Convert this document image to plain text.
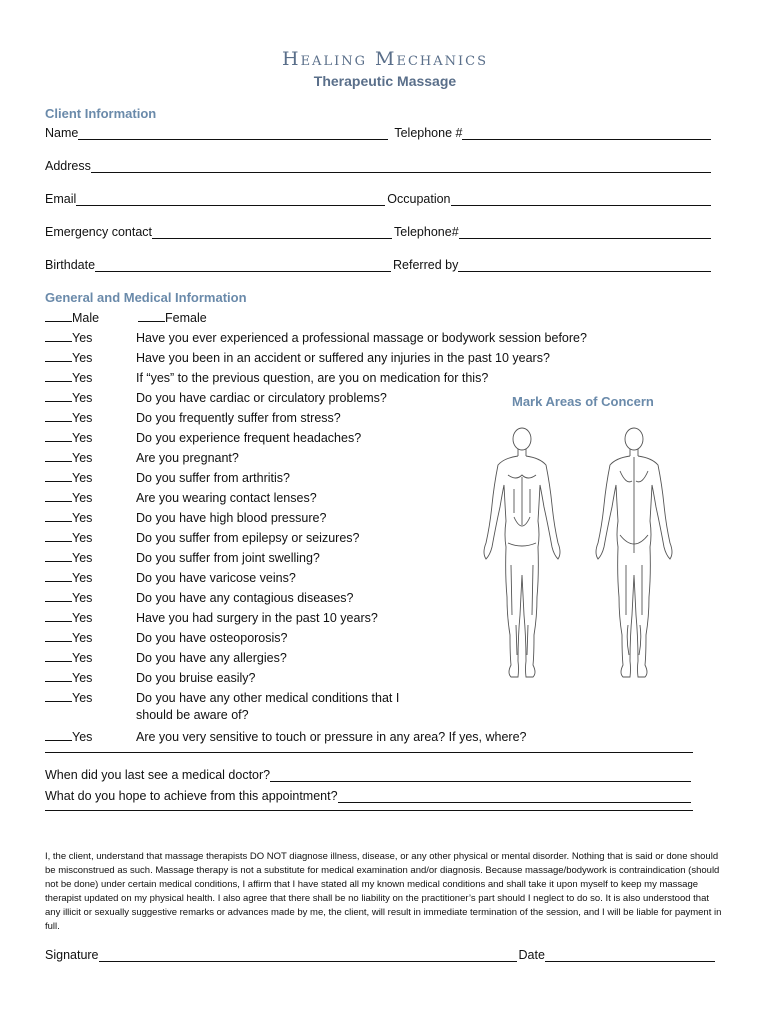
Healing Mechanics
Therapeutic Massage
Client Information
Name	Telephone #
Address
Email	Occupation
Emergency contact	Telephone#
Birthdate	Referred by
General and Medical Information
Male	Female
Yes	Have you ever experienced a professional massage or bodywork session before?
Yes	Have you been in an accident or suffered any injuries in the past 10 years?
Yes	If “yes” to the previous question, are you on medication for this?
Yes	Do you have cardiac or circulatory problems?
Yes	Do you frequently suffer from stress?
Yes	Do you experience frequent headaches?
Yes	Are you pregnant?
Yes	Do you suffer from arthritis?
Yes	Are you wearing contact lenses?
Yes	Do you have high blood pressure?
Yes	Do you suffer from epilepsy or seizures?
Yes	Do you suffer from joint swelling?
Yes	Do you have varicose veins?
Yes	Do you have any contagious diseases?
Yes	Have you had surgery in the past 10 years?
Yes	Do you have osteoporosis?
Yes	Do you have any allergies?
Yes	Do you bruise easily?
Yes	Do you have any other medical conditions that I
should be aware of?
Yes	Are you very sensitive to touch or pressure in any area? If yes, where?
Mark Areas of Concern
When did you last see a medical doctor?
What do you hope to achieve from this appointment?
I, the client, understand that massage therapists DO NOT diagnose illness, disease, or any other physical or mental disorder. Nothing that is said or done should be misconstrued as such. Massage therapy is not a substitute for medical examination and/or diagnosis. Because massage/bodywork is contraindication (should not be done) under certain medical conditions, I affirm that I have stated all my known medical conditions and shall take it upon myself to keep my massage therapist updated on my physical health. I also agree that there shall be no liability on the practitioner’s part should I neglect to do so. It is also understood that any illicit or sexually suggestive remarks or advances made by me, the client, will result in immediate termination of the session, and I will be liable for payment in full.
Signature	Date
